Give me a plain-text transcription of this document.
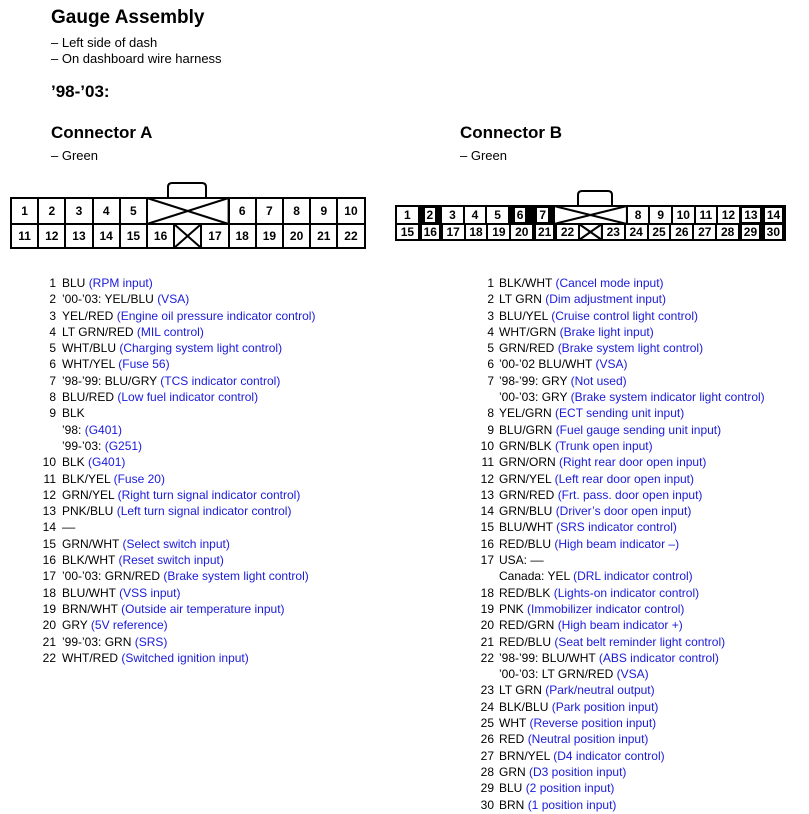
Gauge Assembly
– Left side of dash
– On dashboard wire harness
’98-’03:
Connector A
– Green
Connector B
– Green
1 BLU (RPM input)
2 ’00-’03: YEL/BLU (VSA)
3 YEL/RED (Engine oil pressure indicator control)
4 LT GRN/RED (MIL control)
5 WHT/BLU (Charging system light control)
6 WHT/YEL (Fuse 56)
7 ’98-’99: BLU/GRY (TCS indicator control)
8 BLU/RED (Low fuel indicator control)
9 BLK
’98: (G401)
’99-’03: (G251)
10 BLK (G401)
11 BLK/YEL (Fuse 20)
12 GRN/YEL (Right turn signal indicator control)
13 PNK/BLU (Left turn signal indicator control)
14 ––
15 GRN/WHT (Select switch input)
16 BLK/WHT (Reset switch input)
17 ’00-’03: GRN/RED (Brake system light control)
18 BLU/WHT (VSS input)
19 BRN/WHT (Outside air temperature input)
20 GRY (5V reference)
21 ’99-’03: GRN (SRS)
22 WHT/RED (Switched ignition input)
1 BLK/WHT (Cancel mode input)
2 LT GRN (Dim adjustment input)
3 BLU/YEL (Cruise control light control)
4 WHT/GRN (Brake light input)
5 GRN/RED (Brake system light control)
6 ’00-’02 BLU/WHT (VSA)
7 ’98-’99: GRY (Not used)
’00-’03: GRY (Brake system indicator light control)
8 YEL/GRN (ECT sending unit input)
9 BLU/GRN (Fuel gauge sending unit input)
10 GRN/BLK (Trunk open input)
11 GRN/ORN (Right rear door open input)
12 GRN/YEL (Left rear door open input)
13 GRN/RED (Frt. pass. door open input)
14 GRN/BLU (Driver’s door open input)
15 BLU/WHT (SRS indicator control)
16 RED/BLU (High beam indicator –)
17 USA: ––
Canada: YEL (DRL indicator control)
18 RED/BLK (Lights-on indicator control)
19 PNK (Immobilizer indicator control)
20 RED/GRN (High beam indicator +)
21 RED/BLU (Seat belt reminder light control)
22 ’98-’99: BLU/WHT (ABS indicator control)
’00-’03: LT GRN/RED (VSA)
23 LT GRN (Park/neutral output)
24 BLK/BLU (Park position input)
25 WHT (Reverse position input)
26 RED (Neutral position input)
27 BRN/YEL (D4 indicator control)
28 GRN (D3 position input)
29 BLU (2 position input)
30 BRN (1 position input)
1	2	3	4	5	6	7	8	9	10
11	12	13	14	15	16	17	18	19	20	21	22
1	2	3	4	5	6 7	8	9	10 11 12 13 14
15 16 17 18 19 20 21 22	23 24 25 26 27 28 29 30
